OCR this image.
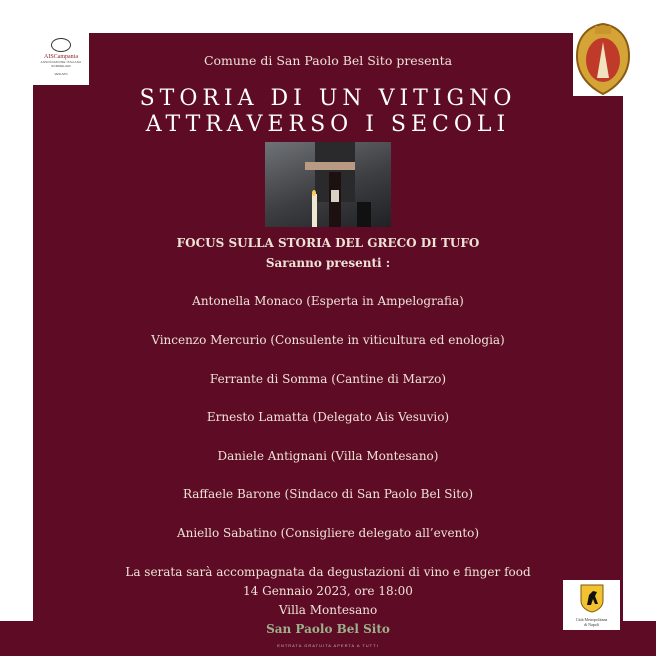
AISCampania
ASSOCIAZIONE ITALIANA SOMMELIER
VESUVIO
Città Metropolitana
di Napoli
Comune di San Paolo Bel Sito presenta
STORIA DI UN VITIGNO
ATTRAVERSO I SECOLI
FOCUS SULLA STORIA DEL GRECO DI TUFO
Saranno presenti :
Antonella Monaco (Esperta in Ampelografia)
Vincenzo Mercurio (Consulente in viticultura ed enologia)
Ferrante di Somma (Cantine di Marzo)
Ernesto Lamatta (Delegato Ais Vesuvio)
Daniele Antignani (Villa Montesano)
Raffaele Barone (Sindaco di San Paolo Bel Sito)
Aniello Sabatino (Consigliere delegato all’evento)
La serata sarà accompagnata da degustazioni di vino e finger food
14 Gennaio 2023, ore 18:00
Villa Montesano
San Paolo Bel Sito
ENTRATA GRATUITA APERTA A TUTTI
